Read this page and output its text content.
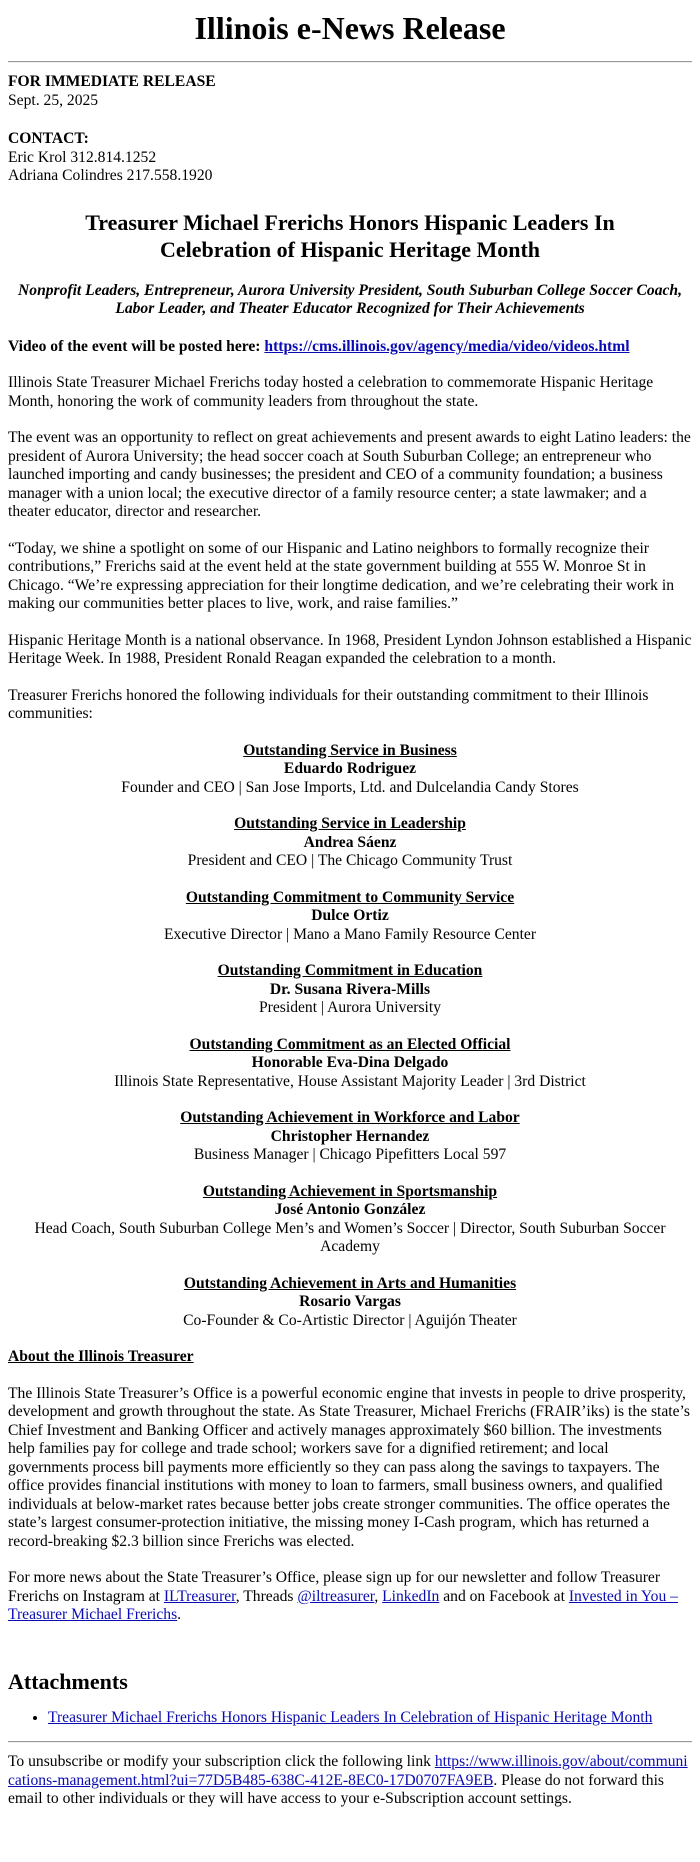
Illinois e-News Release
FOR IMMEDIATE RELEASE
Sept. 25, 2025
CONTACT:
Eric Krol 312.814.1252
Adriana Colindres 217.558.1920
Treasurer Michael Frerichs Honors Hispanic Leaders In Celebration of Hispanic Heritage Month

Nonprofit Leaders, Entrepreneur, Aurora University President, South Suburban College Soccer Coach, Labor Leader, and Theater Educator Recognized for Their Achievements

Video of the event will be posted here: https://cms.illinois.gov/agency/media/video/videos.html

Illinois State Treasurer Michael Frerichs today hosted a celebration to commemorate Hispanic Heritage Month, honoring the work of community leaders from throughout the state.

The event was an opportunity to reflect on great achievements and present awards to eight Latino leaders: the president of Aurora University; the head soccer coach at South Suburban College; an entrepreneur who launched importing and candy businesses; the president and CEO of a community foundation; a business manager with a union local; the executive director of a family resource center; a state lawmaker; and a theater educator, director and researcher.

“Today, we shine a spotlight on some of our Hispanic and Latino neighbors to formally recognize their contributions,” Frerichs said at the event held at the state government building at 555 W. Monroe St in Chicago. “We’re expressing appreciation for their longtime dedication, and we’re celebrating their work in making our communities better places to live, work, and raise families.”

Hispanic Heritage Month is a national observance. In 1968, President Lyndon Johnson established a Hispanic Heritage Week. In 1988, President Ronald Reagan expanded the celebration to a month.

Treasurer Frerichs honored the following individuals for their outstanding commitment to their Illinois communities:

Outstanding Service in Business
Eduardo Rodriguez
Founder and CEO | San Jose Imports, Ltd. and Dulcelandia Candy Stores
Outstanding Service in Leadership
Andrea Sáenz
President and CEO | The Chicago Community Trust
Outstanding Commitment to Community Service
Dulce Ortiz
Executive Director | Mano a Mano Family Resource Center
Outstanding Commitment in Education
Dr. Susana Rivera-Mills
President | Aurora University
Outstanding Commitment as an Elected Official
Honorable Eva-Dina Delgado
Illinois State Representative, House Assistant Majority Leader | 3rd District
Outstanding Achievement in Workforce and Labor
Christopher Hernandez
Business Manager | Chicago Pipefitters Local 597
Outstanding Achievement in Sportsmanship
José Antonio González
Head Coach, South Suburban College Men’s and Women’s Soccer | Director, South Suburban Soccer Academy
Outstanding Achievement in Arts and Humanities
Rosario Vargas
Co-Founder & Co-Artistic Director | Aguijón Theater
About the Illinois Treasurer

The Illinois State Treasurer’s Office is a powerful economic engine that invests in people to drive prosperity, development and growth throughout the state. As State Treasurer, Michael Frerichs (FRAIR’iks) is the state’s Chief Investment and Banking Officer and actively manages approximately $60 billion. The investments help families pay for college and trade school; workers save for a dignified retirement; and local governments process bill payments more efficiently so they can pass along the savings to taxpayers. The office provides financial institutions with money to loan to farmers, small business owners, and qualified individuals at below-market rates because better jobs create stronger communities. The office operates the state’s largest consumer-protection initiative, the missing money I-Cash program, which has returned a record-breaking $2.3 billion since Frerichs was elected.

For more news about the State Treasurer’s Office, please sign up for our newsletter and follow Treasurer Frerichs on Instagram at ILTreasurer, Threads @iltreasurer, LinkedIn and on Facebook at Invested in You – Treasurer Michael Frerichs.

Attachments
• Treasurer Michael Frerichs Honors Hispanic Leaders In Celebration of Hispanic Heritage Month
To unsubscribe or modify your subscription click the following link https://www.illinois.gov/about/communications-management.html?ui=77D5B485-638C-412E-8EC0-17D0707FA9EB. Please do not forward this email to other individuals or they will have access to your e-Subscription account settings.
